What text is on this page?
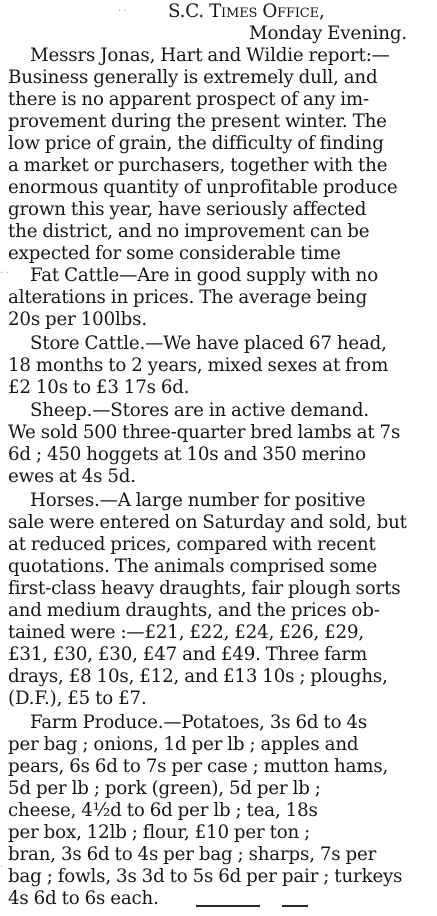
· ·
· ·
·
S.C. Times Office,
Monday Evening.
Messrs Jonas, Hart and Wildie report:—
Business generally is extremely dull, and
there is no apparent prospect of any im-
provement during the present winter. The
low price of grain, the difficulty of finding
a market or purchasers, together with the
enormous quantity of unprofitable produce
grown this year, have seriously affected
the district, and no improvement can be
expected for some considerable time
Fat Cattle—Are in good supply with no
alterations in prices. The average being
20s per 100lbs.
Store Cattle.—We have placed 67 head,
18 months to 2 years, mixed sexes at from
£2 10s to £3 17s 6d.
Sheep.—Stores are in active demand.
We sold 500 three-quarter bred lambs at 7s
6d ; 450 hoggets at 10s and 350 merino
ewes at 4s 5d.
Horses.—A large number for positive
sale were entered on Saturday and sold, but
at reduced prices, compared with recent
quotations. The animals comprised some
first-class heavy draughts, fair plough sorts
and medium draughts, and the prices ob-
tained were :—£21, £22, £24, £26, £29,
£31, £30, £30, £47 and £49. Three farm
drays, £8 10s, £12, and £13 10s ; ploughs,
(D.F.), £5 to £7.
Farm Produce.—Potatoes, 3s 6d to 4s
per bag ; onions, 1d per lb ; apples and
pears, 6s 6d to 7s per case ; mutton hams,
5d per lb ; pork (green), 5d per lb ;
cheese, 4½d to 6d per lb ; tea, 18s
per box, 12lb ; flour, £10 per ton ;
bran, 3s 6d to 4s per bag ; sharps, 7s per
bag ; fowls, 3s 3d to 5s 6d per pair ; turkeys
4s 6d to 6s each.
